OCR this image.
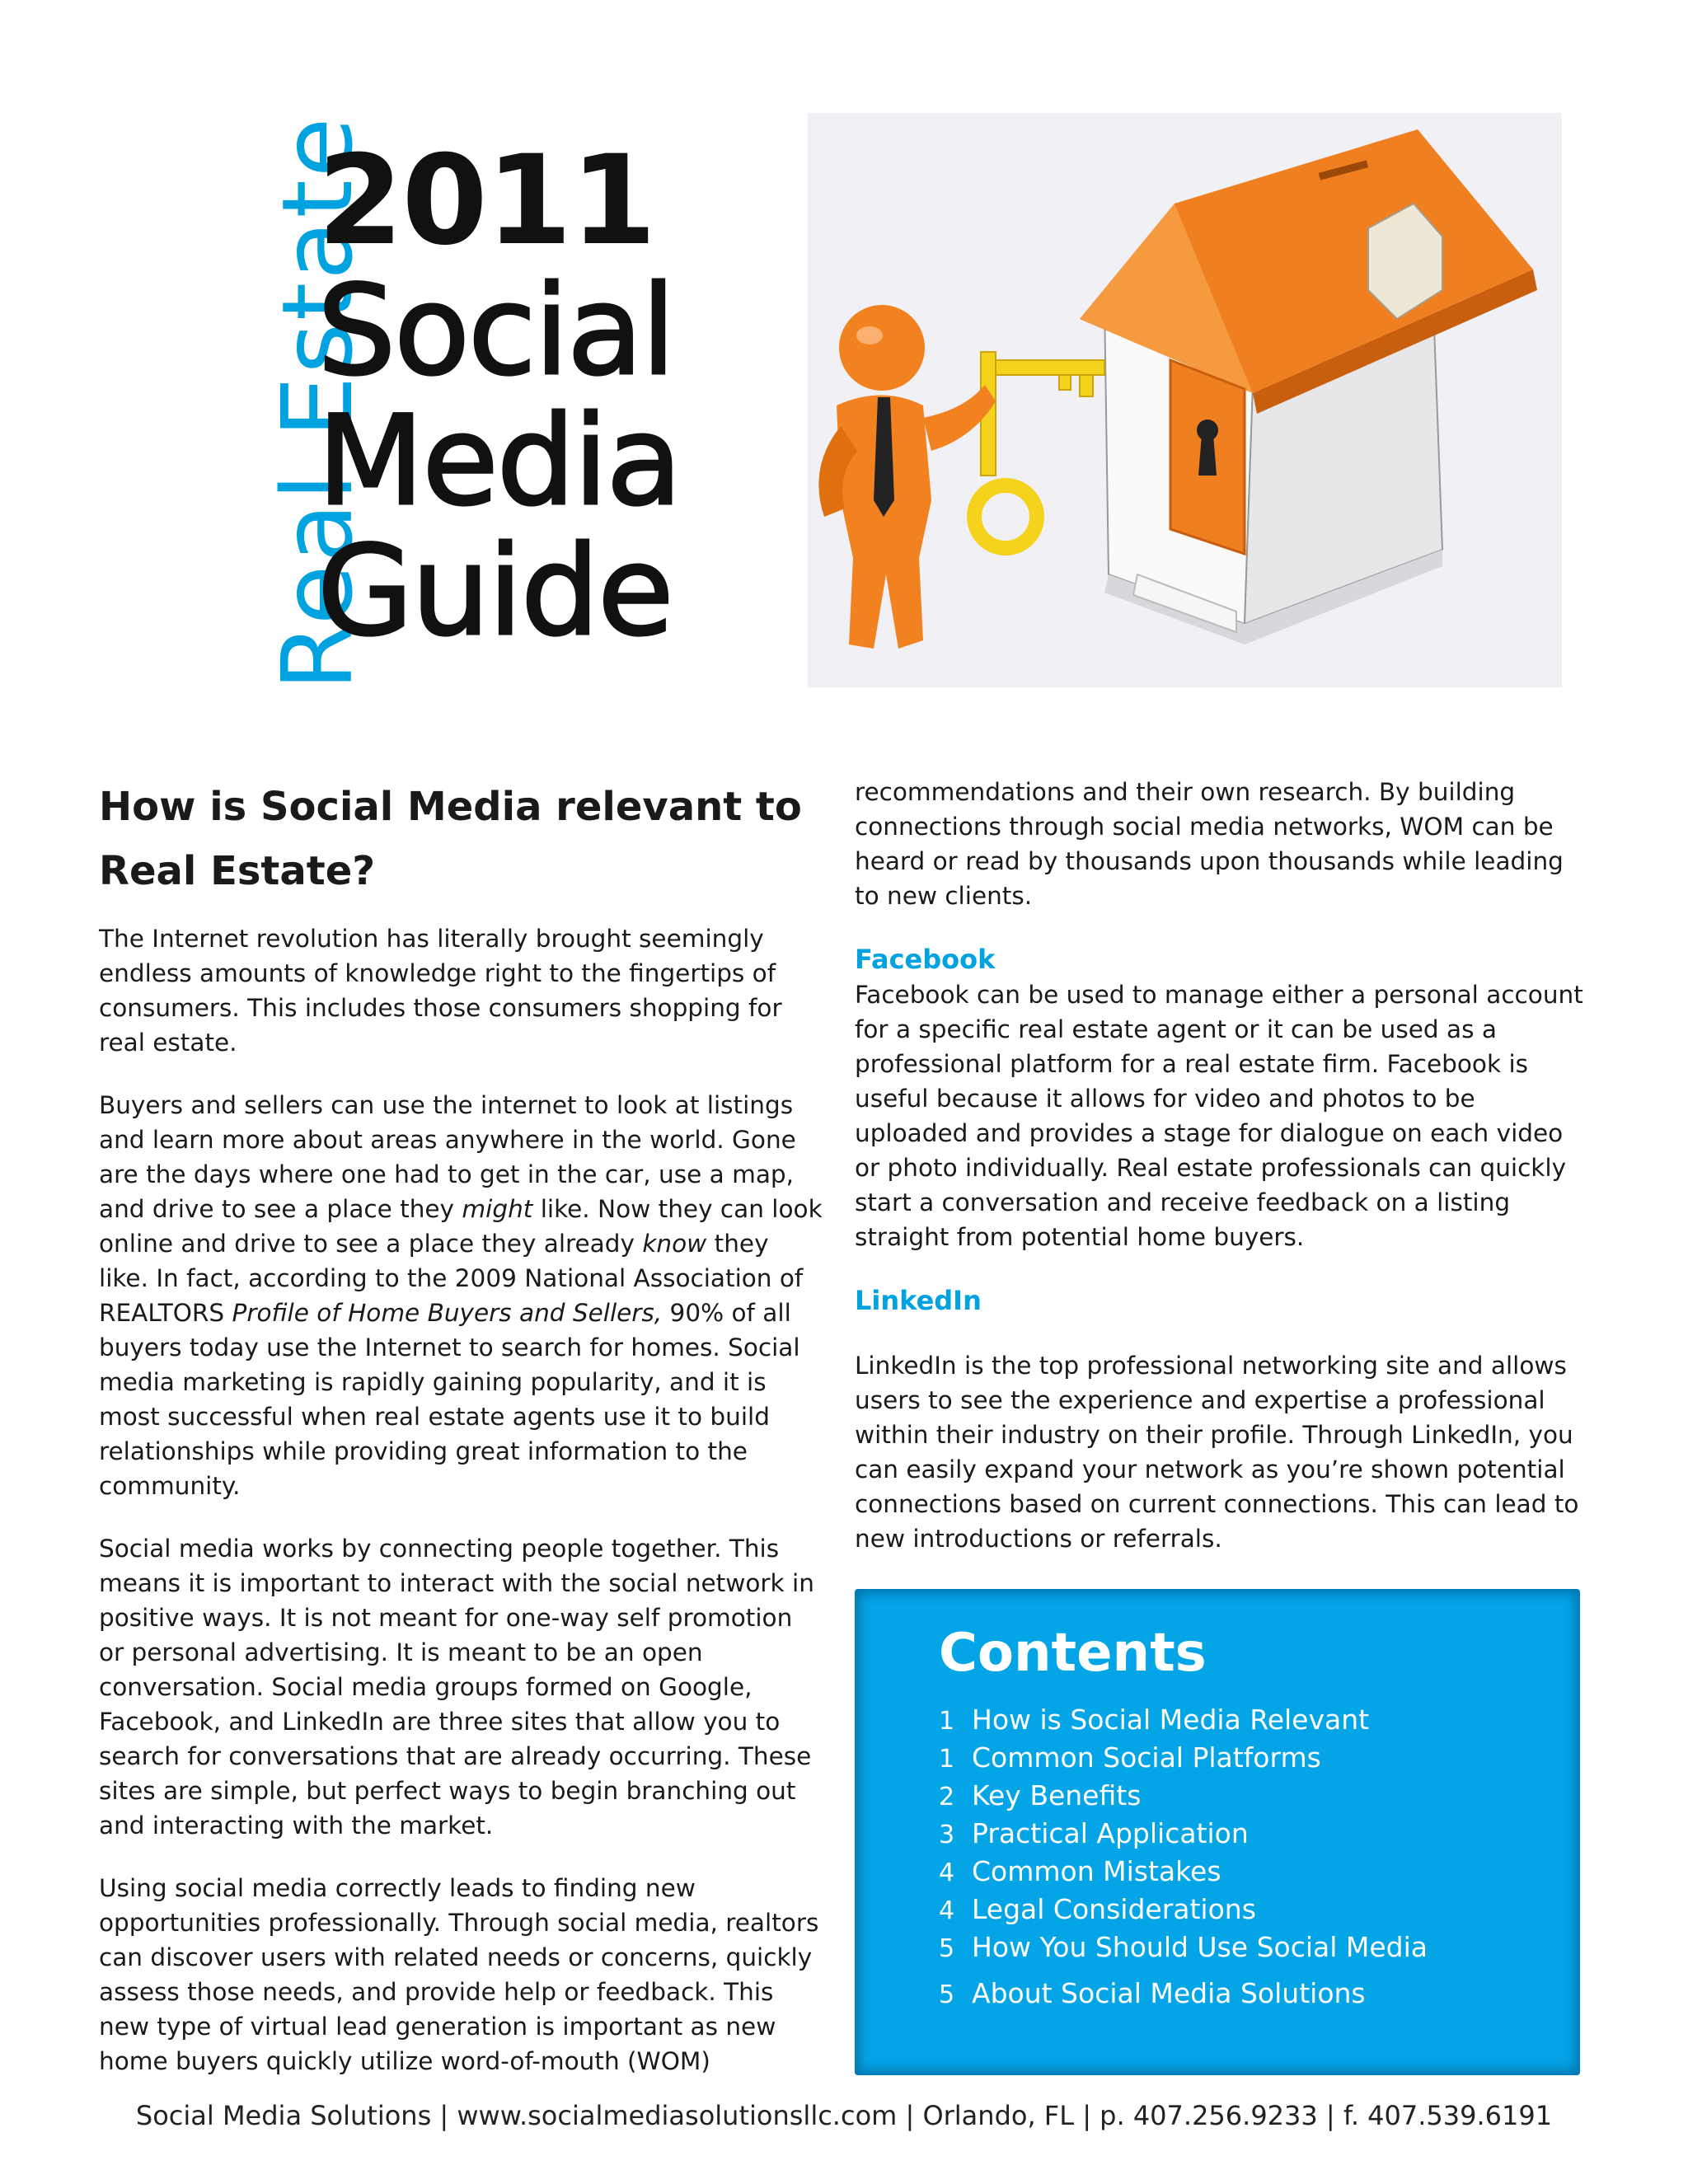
Real Estate
2011
Social
Media
Guide
How is Social Media relevant to Real Estate?

The Internet revolution has literally brought seemingly endless amounts of knowledge right to the fingertips of consumers. This includes those consumers shopping for real estate.

Buyers and sellers can use the internet to look at listings and learn more about areas anywhere in the world. Gone are the days where one had to get in the car, use a map, and drive to see a place they might like. Now they can look online and drive to see a place they already know they like. In fact, according to the 2009 National Association of REALTORS Profile of Home Buyers and Sellers, 90% of all buyers today use the Internet to search for homes. Social media marketing is rapidly gaining popularity, and it is most successful when real estate agents use it to build relationships while providing great information to the community.

Social media works by connecting people together. This means it is important to interact with the social network in positive ways. It is not meant for one-way self promotion or personal advertising. It is meant to be an open conversation. Social media groups formed on Google, Facebook, and LinkedIn are three sites that allow you to search for conversations that are already occurring. These sites are simple, but perfect ways to begin branching out and interacting with the market.

Using social media correctly leads to finding new opportunities professionally. Through social media, realtors can discover users with related needs or concerns, quickly assess those needs, and provide help or feedback. This new type of virtual lead generation is important as new home buyers quickly utilize word-of-mouth (WOM)

recommendations and their own research. By building connections through social media networks, WOM can be heard or read by thousands upon thousands while leading to new clients.

Facebook

Facebook can be used to manage either a personal account for a specific real estate agent or it can be used as a professional platform for a real estate firm. Facebook is useful because it allows for video and photos to be uploaded and provides a stage for dialogue on each video or photo individually. Real estate professionals can quickly start a conversation and receive feedback on a listing straight from potential home buyers.

LinkedIn

LinkedIn is the top professional networking site and allows users to see the experience and expertise a professional within their industry on their profile. Through LinkedIn, you can easily expand your network as you’re shown potential connections based on current connections. This can lead to new introductions or referrals.

Contents
1 How is Social Media Relevant
1 Common Social Platforms
2 Key Benefits
3 Practical Application
4 Common Mistakes
4 Legal Considerations
5 How You Should Use Social Media
5 About Social Media Solutions
Social Media Solutions | www.socialmediasolutionsllc.com | Orlando, FL | p. 407.256.9233 | f. 407.539.6191
